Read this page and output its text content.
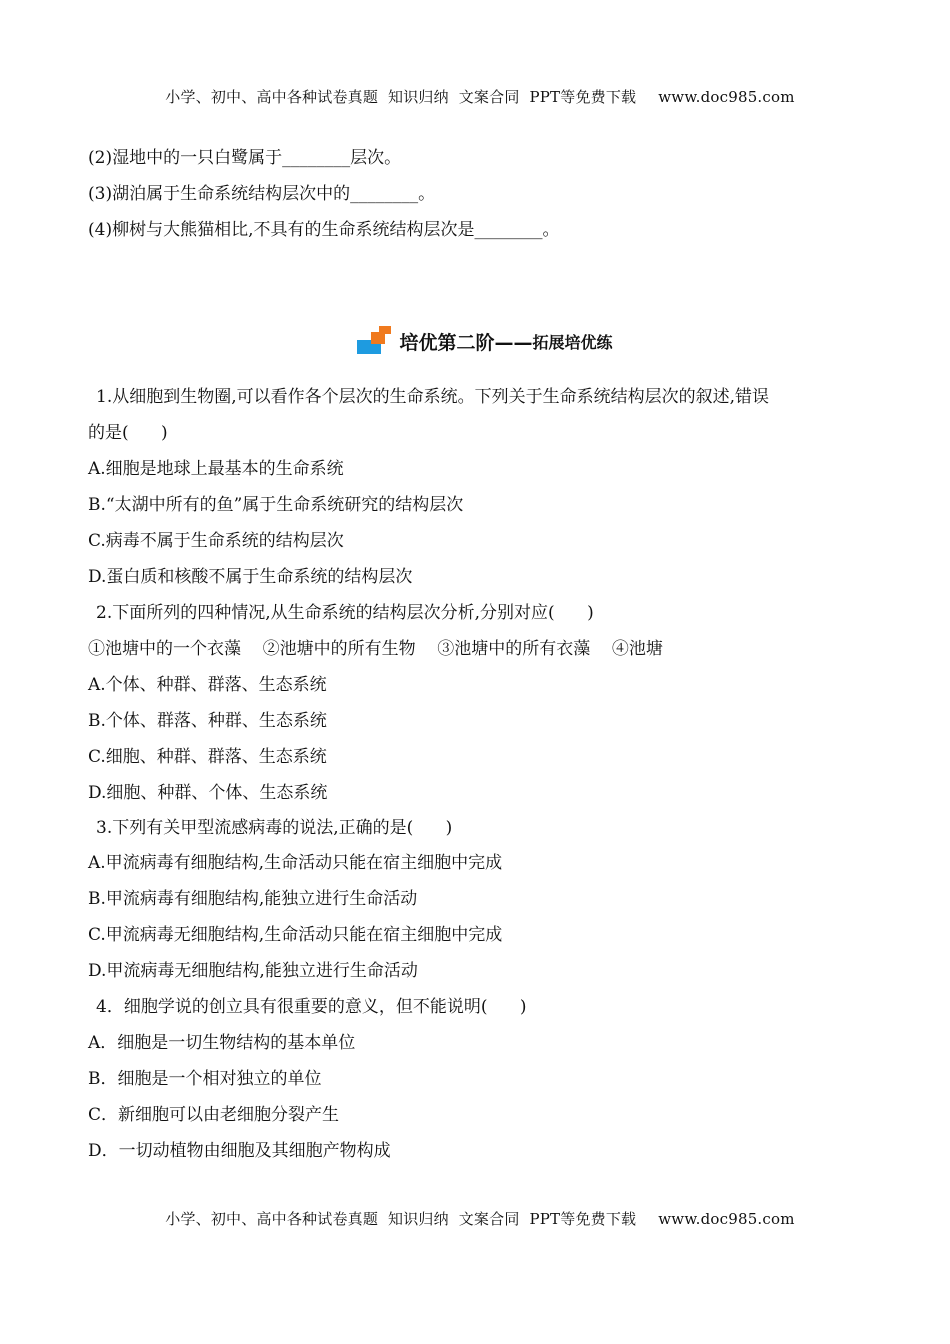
小学、初中、高中各种试卷真题  知识归纳  文案合同  PPT等免费下载 www.doc985.com

(2)湿地中的一只白鹭属于________层次。
(3)湖泊属于生命系统结构层次中的________。
(4)柳树与大熊猫相比,不具有的生命系统结构层次是________。
培优第二阶—— 拓展培优练
1.从细胞到生物圈,可以看作各个层次的生命系统。下列关于生命系统结构层次的叙述,错误
的是(      )
A.细胞是地球上最基本的生命系统
B.“太湖中所有的鱼”属于生命系统研究的结构层次
C.病毒不属于生命系统的结构层次
D.蛋白质和核酸不属于生命系统的结构层次
2.下面所列的四种情况,从生命系统的结构层次分析,分别对应(      )
①池塘中的一个衣藻    ②池塘中的所有生物    ③池塘中的所有衣藻    ④池塘
A.个体、种群、群落、生态系统
B.个体、群落、种群、生态系统
C.细胞、种群、群落、生态系统
D.细胞、种群、个体、生态系统
3.下列有关甲型流感病毒的说法,正确的是(      )
A.甲流病毒有细胞结构,生命活动只能在宿主细胞中完成
B.甲流病毒有细胞结构,能独立进行生命活动
C.甲流病毒无细胞结构,生命活动只能在宿主细胞中完成
D.甲流病毒无细胞结构,能独立进行生命活动
4．细胞学说的创立具有很重要的意义，但不能说明(      )
A．细胞是一切生物结构的基本单位
B．细胞是一个相对独立的单位
C．新细胞可以由老细胞分裂产生
D．一切动植物由细胞及其细胞产物构成

小学、初中、高中各种试卷真题  知识归纳  文案合同  PPT等免费下载 www.doc985.com
